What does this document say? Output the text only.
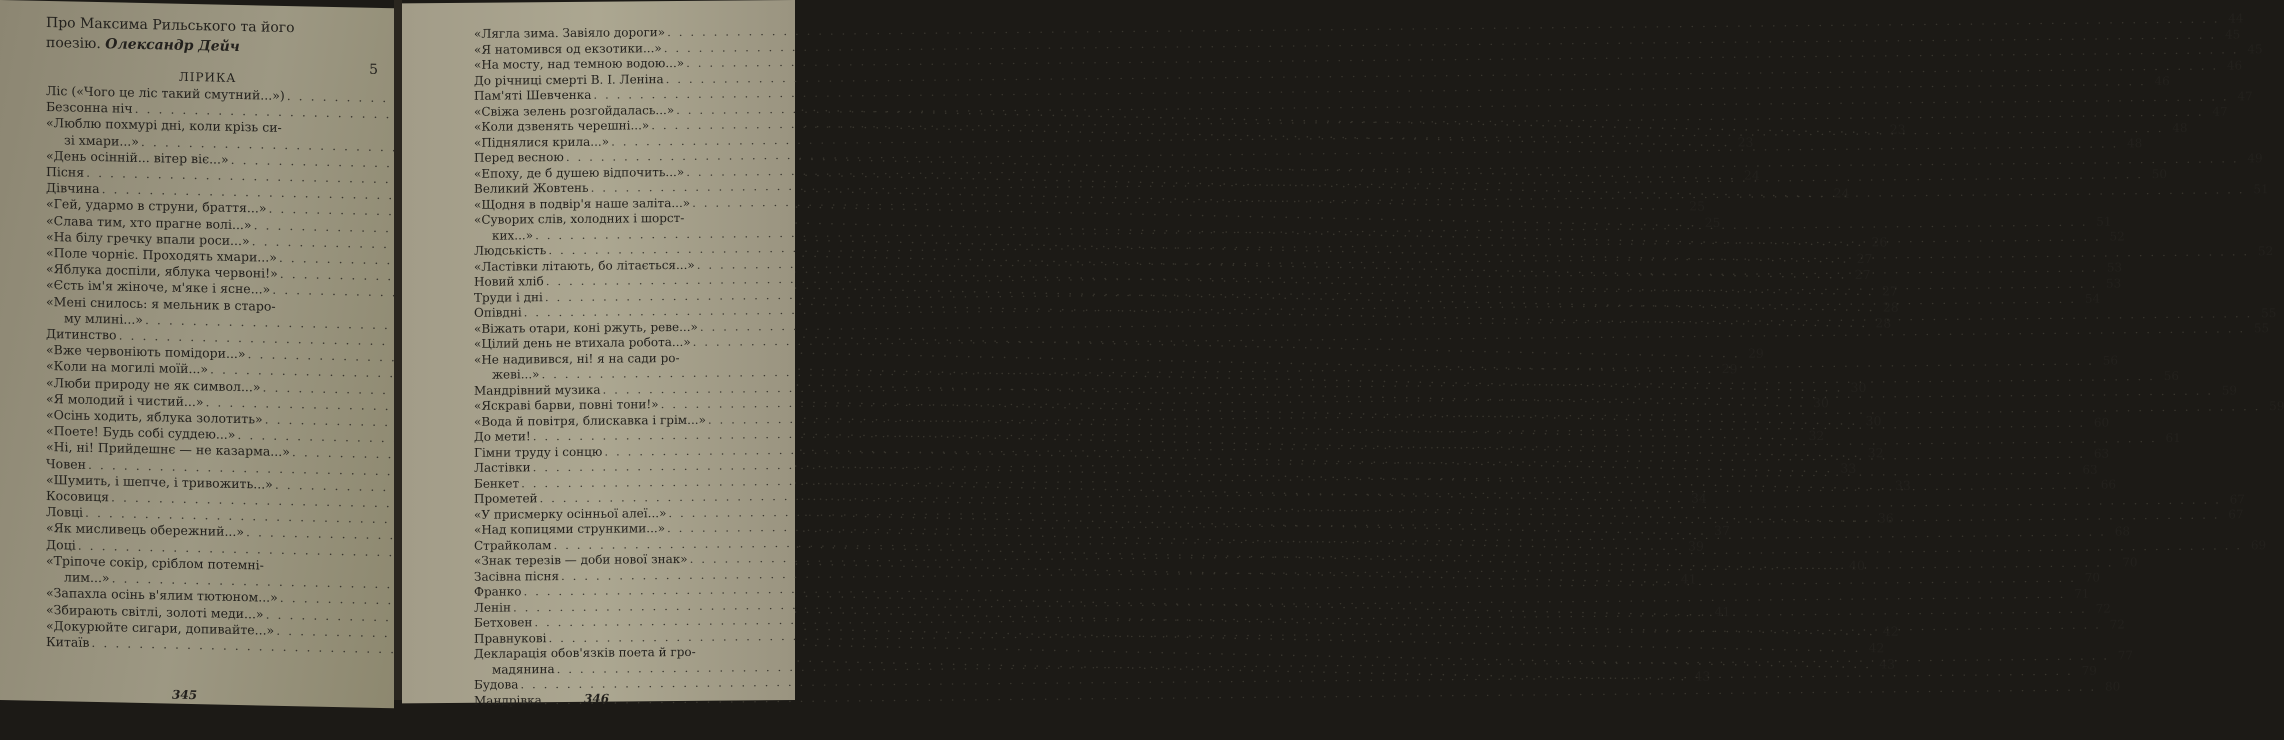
Про Максима Рильського та його
поезію. Олександр Дейч
5
ЛІРИКА
Ліс («Чого це ліс такий смутний...»)
. . .
23
Безсонна ніч
. . .
23
«Люблю похмурі дні, коли крізь си-
зі хмари...»
. . .
24
«День осінній... вітер віє...»
. . .
24
Пісня
. . .
25
Дівчина
. . .
25
«Гей, удармо в струни, браття...»
. . .
26
«Слава тим, хто прагне волі...»
. . .
27
«На білу гречку впали роси...»
. . .
27
«Поле чорніє. Проходять хмари...»
. . .
27
«Яблука доспіли, яблука червоні!»
. . .
28
«Єсть ім'я жіноче, м'яке і ясне...»
. . .
28
«Мені снилось: я мельник в старо-
му млині...»
. . .
29
Дитинство
. . .
29
«Вже червоніють помідори...»
. . .
30
«Коли на могилі моїй...»
. . .
30
«Люби природу не як символ...»
. . .
30
«Я молодий і чистий...»
. . .
32
«Осінь ходить, яблука золотить»
. . .
32
«Поете! Будь собі суддею...»
. . .
33
«Ні, ні! Прийдешнє — не казарма...»
. . .
33
Човен
. . .
34
«Шумить, і шепче, і тривожить...»
. . .
36
Косовиця
. . .
37
Ловці
. . .
39
«Як мисливець обережний...»
. . .
40
Доці
. . .
41
«Тріпоче сокір, сріблом потемні-
лим...»
. . .
41
«Запахла осінь в'ялим тютюном...»
. . .
42
«Збирають світлі, золоті меди...»
. . .
42
«Докурюйте сигари, допивайте...»
. . .
43
Китаїв
. . .
43
345
«Лягла зима. Завіяло дороги»
. . .
44
«Я натомився од екзотики...»
. . .
45
«На мосту, над темною водою...»
. . .
45
До річниці смерті В. І. Леніна
. . .
46
Пам'яті Шевченка
. . .
46
«Свіжа зелень розгойдалась...»
. . .
47
«Коли дзвенять черешні...»
. . .
47
«Піднялися крила...»
. . .
48
Перед весною
. . .
48
«Епоху, де б душею відпочить...»
. . .
49
Великий Жовтень
. . .
50
«Щодня в подвір'я наше заліта...»
. . .
51
«Суворих слів, холодних і шорст-
ких...»
. . .
51
Людськість
. . .
52
«Ластівки літають, бо літається...»
. . .
52
Новий хліб
. . .
53
Труди і дні
. . .
53
Опівдні
. . .
54
«Віжать отари, коні ржуть, реве...»
. . .
55
«Цілий день не втихала робота...»
. . .
55
«Не надивився, ні! я на сади ро-
жеві...»
. . .
56
Мандрівний музика
. . .
56
«Яскраві барви, повні тони!»
. . .
59
«Вода й повітря, блискавка і грім...»
. . .
59
До мети!
. . .
60
Гімни труду і сонцю
. . .
61
Ластівки
. . .
63
Бенкет
. . .
63
Прометей
. . .
66
«У присмерку осінньої алеї...»
. . .
67
«Над копицями стрункими...»
. . .
67
Страйколам
. . .
68
«Знак терезів — доби нової знак»
. . .
69
Засівна пісня
. . .
70
Франко
. . .
70
Ленін
. . .
71
Бетховен
. . .
72
Правнукові
. . .
72
Декларація обов'язків поета й гро-
мадянина
. . .
77
Будова
. . .
79
Мандрівка
. . .
80
346
